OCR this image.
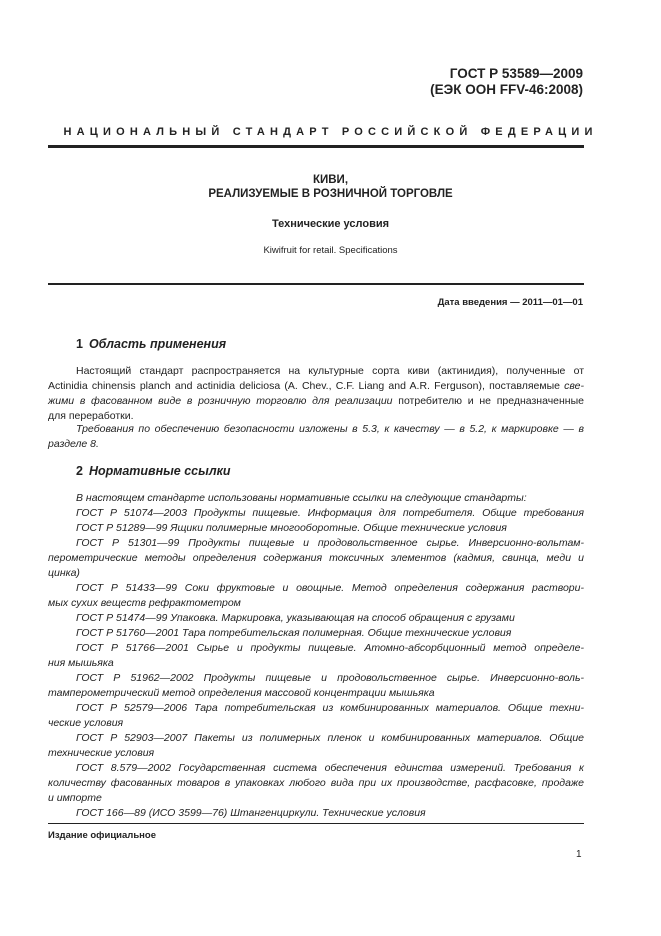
ГОСТ Р 53589—2009
(ЕЭК ООН FFV-46:2008)
НАЦИОНАЛЬНЫЙ СТАНДАРТ РОССИЙСКОЙ ФЕДЕРАЦИИ
КИВИ,
РЕАЛИЗУЕМЫЕ В РОЗНИЧНОЙ ТОРГОВЛЕ
Технические условия
Kiwifruit for retail. Specifications
Дата введения — 2011—01—01
1 Область применения
Настоящий стандарт распространяется на культурные сорта киви (актинидия), полученные от
Actinidia chinensis planch and actinidia deliciosa (A. Chev., C.F. Liang and A.R. Ferguson), поставляемые све-
жими в фасованном виде в розничную торговлю для реализации потребителю и не предназначенные
для переработки.
Требования по обеспечению безопасности изложены в 5.3, к качеству — в 5.2, к маркировке — в
разделе 8.
2 Нормативные ссылки
В настоящем стандарте использованы нормативные ссылки на следующие стандарты:
ГОСТ Р 51074—2003 Продукты пищевые. Информация для потребителя. Общие требования
ГОСТ Р 51289—99 Ящики полимерные многооборотные. Общие технические условия
ГОСТ Р 51301—99 Продукты пищевые и продовольственное сырье. Инверсионно-вольтам-
перометрические методы определения содержания токсичных элементов (кадмия, свинца, меди и
цинка)
ГОСТ Р 51433—99 Соки фруктовые и овощные. Метод определения содержания раствори-
мых сухих веществ рефрактометром
ГОСТ Р 51474—99 Упаковка. Маркировка, указывающая на способ обращения с грузами
ГОСТ Р 51760—2001 Тара потребительская полимерная. Общие технические условия
ГОСТ Р 51766—2001 Сырье и продукты пищевые. Атомно-абсорбционный метод определе-
ния мышьяка
ГОСТ Р 51962—2002 Продукты пищевые и продовольственное сырье. Инверсионно-воль-
тамперометрический метод определения массовой концентрации мышьяка
ГОСТ Р 52579—2006 Тара потребительская из комбинированных материалов. Общие техни-
ческие условия
ГОСТ Р 52903—2007 Пакеты из полимерных пленок и комбинированных материалов. Общие
технические условия
ГОСТ 8.579—2002 Государственная система обеспечения единства измерений. Требования к
количеству фасованных товаров в упаковках любого вида при их производстве, расфасовке, продаже
и импорте
ГОСТ 166—89 (ИСО 3599—76) Штангенциркули. Технические условия
Издание официальное
1
